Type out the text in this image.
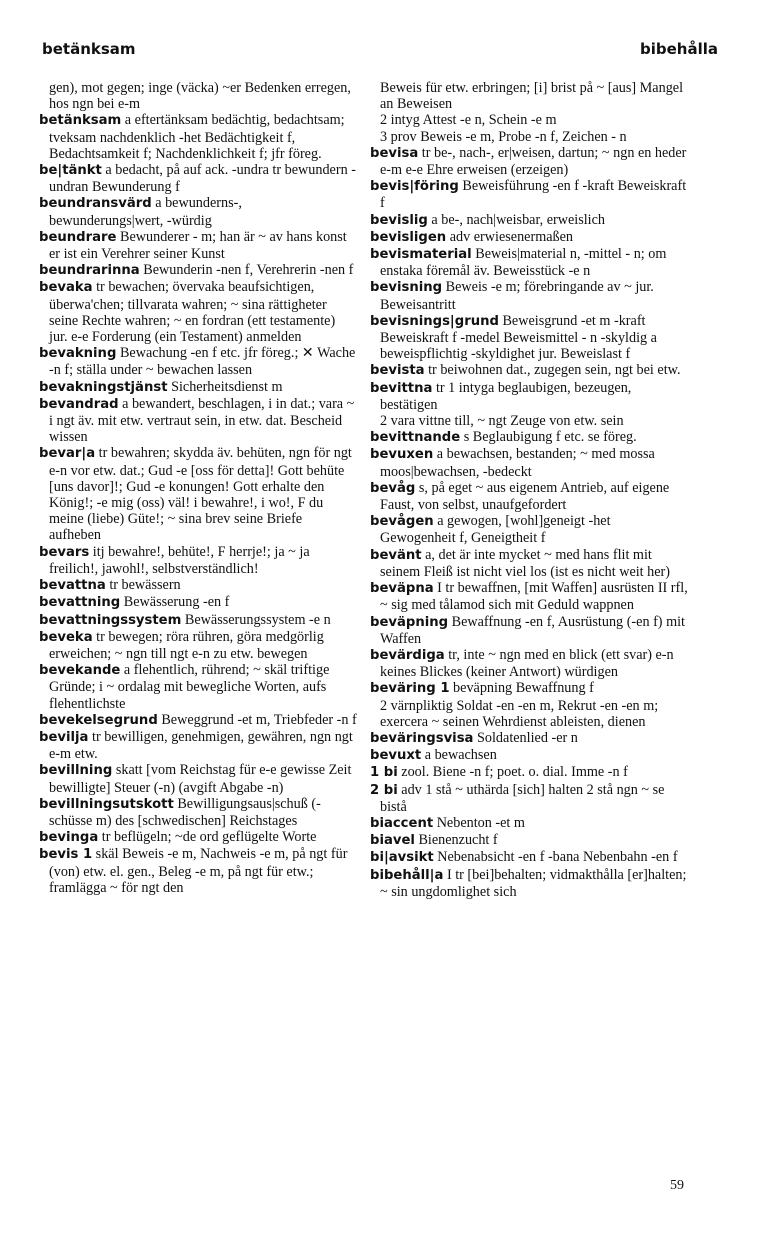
betänksam	bibehålla

gen), mot gegen; inge (väcka) ~er Bedenken erregen, hos ngn bei e-m

betänksam a eftertänksam bedächtig, bedachtsam; tveksam nachdenklich -het Bedächtigkeit f, Bedachtsamkeit f; Nachdenklichkeit f; jfr föreg.

be|tänkt a bedacht, på auf ack. -undra tr bewundern -undran Bewunderung f

beundransvärd a bewunderns-, bewunderungs|wert, -würdig

beundrare Bewunderer - m; han är ~ av hans konst er ist ein Verehrer seiner Kunst

beundrarinna Bewunderin -nen f, Verehrerin -nen f

bevaka tr bewachen; övervaka beaufsichtigen, überwa'chen; tillvarata wahren; ~ sina rättigheter seine Rechte wahren; ~ en fordran (ett testamente) jur. e-e Forderung (ein Testament) anmelden

bevakning Bewachung -en f etc. jfr föreg.; ✕ Wache -n f; ställa under ~ bewachen lassen

bevakningstjänst Sicherheitsdienst m

bevandrad a bewandert, beschlagen, i in dat.; vara ~ i ngt äv. mit etw. vertraut sein, in etw. dat. Bescheid wissen

bevar|a tr bewahren; skydda äv. behüten, ngn för ngt e-n vor etw. dat.; Gud -e [oss för detta]! Gott behüte [uns davor]!; Gud -e konungen! Gott erhalte den König!; -e mig (oss) väl! i bewahre!, i wo!, F du meine (liebe) Güte!; ~ sina brev seine Briefe aufheben

bevars itj bewahre!, behüte!, F herrje!; ja ~ ja freilich!, jawohl!, selbstverständlich!

bevattna tr bewässern

bevattning Bewässerung -en f

bevattningssystem Bewässerungssystem -e n

beveka tr bewegen; röra rühren, göra medgörlig erweichen; ~ ngn till ngt e-n zu etw. bewegen

bevekande a flehentlich, rührend; ~ skäl triftige Gründe; i ~ ordalag mit bewegliche Worten, aufs flehentlichste

bevekelsegrund Beweggrund -et m, Triebfeder -n f

bevilja tr bewilligen, genehmigen, gewähren, ngn ngt e-m etw.

bevillning skatt [vom Reichstag für e-e gewisse Zeit bewilligte] Steuer (-n) (avgift Abgabe -n)

bevillningsutskott Bewilligungsaus|schuß (-schüsse m) des [schwedischen] Reichstages

bevinga tr beflügeln; ~de ord geflügelte Worte

bevis 1 skäl Beweis -e m, Nachweis -e m, på ngt für (von) etw. el. gen., Beleg -e m, på ngt für etw.; framlägga ~ för ngt den

Beweis für etw. erbringen; [i] brist på ~ [aus] Mangel an Beweisen

2 intyg Attest -e n, Schein -e m

3 prov Beweis -e m, Probe -n f, Zeichen - n

bevisa tr be-, nach-, er|weisen, dartun; ~ ngn en heder e-m e-e Ehre erweisen (erzeigen)

bevis|föring Beweisführung -en f -kraft Beweiskraft f

bevislig a be-, nach|weisbar, erweislich

bevisligen adv erwiesenermaßen

bevismaterial Beweis|material n, -mittel - n; om enstaka föremål äv. Beweisstück -e n

bevisning Beweis -e m; förebringande av ~ jur. Beweisantritt

bevisnings|grund Beweisgrund -et m -kraft Beweiskraft f -medel Beweismittel - n -skyldig a beweispflichtig -skyldighet jur. Beweislast f

bevista tr beiwohnen dat., zugegen sein, ngt bei etw.

bevittna tr 1 intyga beglaubigen, bezeugen, bestätigen

2 vara vittne till, ~ ngt Zeuge von etw. sein

bevittnande s Beglaubigung f etc. se föreg.

bevuxen a bewachsen, bestanden; ~ med mossa moos|bewachsen, -bedeckt

bevåg s, på eget ~ aus eigenem Antrieb, auf eigene Faust, von selbst, unaufgefordert

bevågen a gewogen, [wohl]geneigt -het Gewogenheit f, Geneigtheit f

bevänt a, det är inte mycket ~ med hans flit mit seinem Fleiß ist nicht viel los (ist es nicht weit her)

beväpna I tr bewaffnen, [mit Waffen] ausrüsten II rfl, ~ sig med tålamod sich mit Geduld wappnen

beväpning Bewaffnung -en f, Ausrüstung (-en f) mit Waffen

bevärdiga tr, inte ~ ngn med en blick (ett svar) e-n keines Blickes (keiner Antwort) würdigen

beväring 1 beväpning Bewaffnung f

2 värnpliktig Soldat -en -en m, Rekrut -en -en m; exercera ~ seinen Wehrdienst ableisten, dienen

beväringsvisa Soldatenlied -er n

bevuxt a bewachsen

1 bi zool. Biene -n f; poet. o. dial. Imme -n f

2 bi adv 1 stå ~ uthärda [sich] halten 2 stå ngn ~ se bistå

biaccent Nebenton -et m

biavel Bienenzucht f

bi|avsikt Nebenabsicht -en f -bana Nebenbahn -en f

bibehåll|a I tr [bei]behalten; vidmakthålla [er]halten; ~ sin ungdomlighet sich

59
